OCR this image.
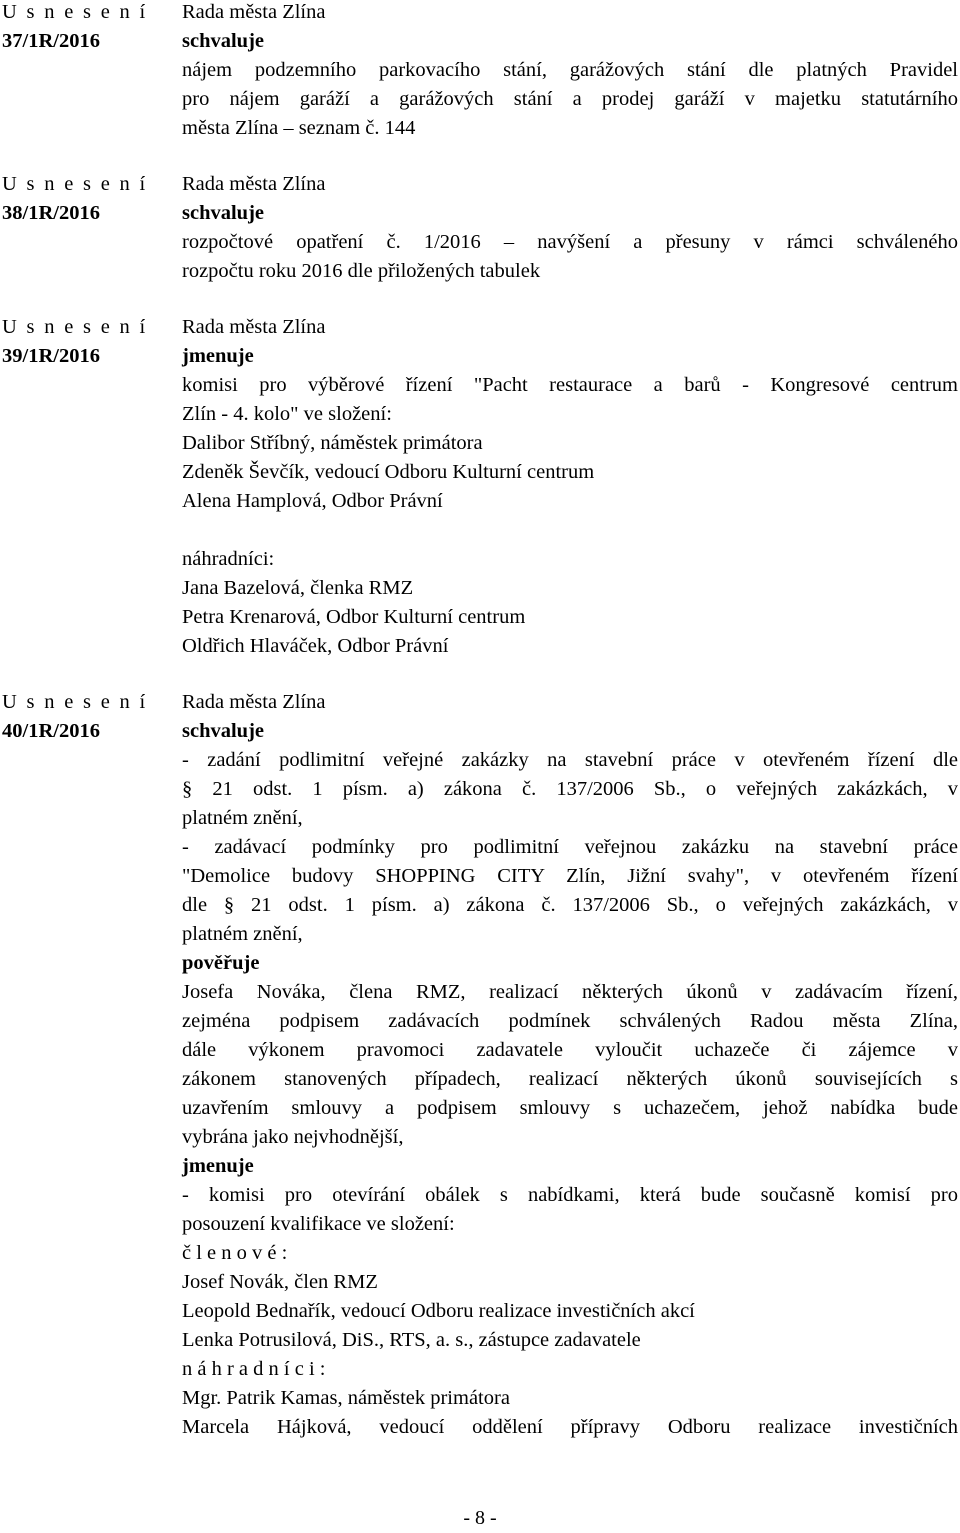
U s n e s e n í
37/1R/2016
Rada města Zlína
schvaluje
nájem podzemního parkovacího stání, garážových stání dle platných Pravidel
pro nájem garáží a garážových stání a prodej garáží v majetku statutárního
města Zlína – seznam č. 144
U s n e s e n í
38/1R/2016
Rada města Zlína
schvaluje
rozpočtové opatření č. 1/2016 – navýšení a přesuny v rámci schváleného
rozpočtu roku 2016 dle přiložených tabulek
U s n e s e n í
39/1R/2016
Rada města Zlína
jmenuje
komisi pro výběrové řízení "Pacht restaurace a barů - Kongresové centrum
Zlín - 4. kolo" ve složení:
Dalibor Stříbný, náměstek primátora
Zdeněk Ševčík, vedoucí Odboru Kulturní centrum
Alena Hamplová, Odbor Právní
náhradníci:
Jana Bazelová, členka RMZ
Petra Krenarová, Odbor Kulturní centrum
Oldřich Hlaváček, Odbor Právní
U s n e s e n í
40/1R/2016
Rada města Zlína
schvaluje
- zadání podlimitní veřejné zakázky na stavební práce v otevřeném řízení dle
§ 21 odst. 1 písm. a) zákona č. 137/2006 Sb., o veřejných zakázkách, v
platném znění,
- zadávací podmínky pro podlimitní veřejnou zakázku na stavební práce
"Demolice budovy SHOPPING CITY Zlín, Jižní svahy", v otevřeném řízení
dle § 21 odst. 1 písm. a) zákona č. 137/2006 Sb., o veřejných zakázkách, v
platném znění,
pověřuje
Josefa Nováka, člena RMZ, realizací některých úkonů v zadávacím řízení,
zejména podpisem zadávacích podmínek schválených Radou města Zlína,
dále výkonem pravomoci zadavatele vyloučit uchazeče či zájemce v
zákonem stanovených případech, realizací některých úkonů souvisejících s
uzavřením smlouvy a podpisem smlouvy s uchazečem, jehož nabídka bude
vybrána jako nejvhodnější,
jmenuje
- komisi pro otevírání obálek s nabídkami, která bude současně komisí pro
posouzení kvalifikace ve složení:
č l e n o v é :
Josef Novák, člen RMZ
Leopold Bednařík, vedoucí Odboru realizace investičních akcí
Lenka Potrusilová, DiS., RTS, a. s., zástupce zadavatele
n á h r a d n í c i :
Mgr. Patrik Kamas, náměstek primátora
Marcela Hájková, vedoucí oddělení přípravy Odboru realizace investičních
- 8 -
